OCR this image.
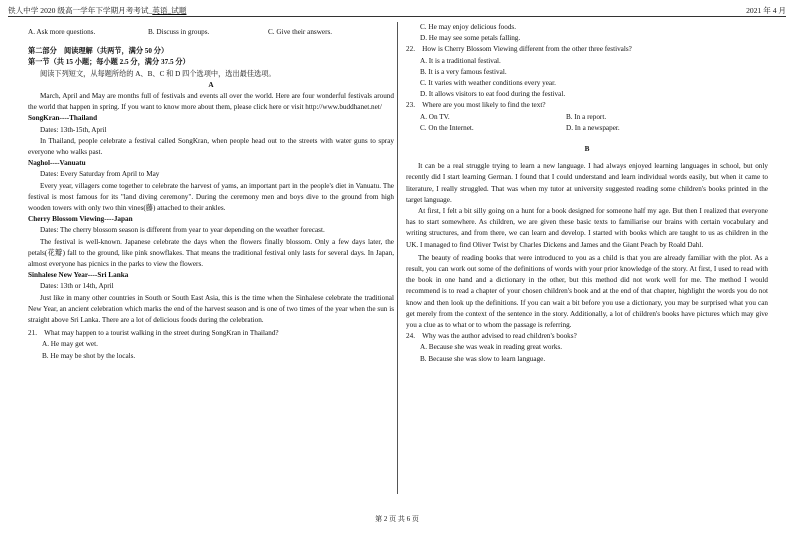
铁人中学 2020 级高一学年下学期月考考试_英语_试题	2021 年 4 月
A. Ask more questions.	B. Discuss in groups.	C. Give their answers.
第二部分　阅读理解（共两节，满分 50 分）
第一节（共 15 小题；每小题 2.5 分，满分 37.5 分）
阅读下列短文，从每题所给的 A、B、C 和 D 四个选项中，选出最佳选项。
A
March, April and May are months full of festivals and events all over the world. Here are four wonderful festivals around the world that happen in spring. If you want to know more about them, please click here or visit http://www.buddhanet.net/
SongKran----Thailand
Dates: 13th-15th, April
In Thailand, people celebrate a festival called SongKran, when people head out to the streets with water guns to spray everyone who walks past.
Naghol----Vanuatu
Dates: Every Saturday from April to May
Every year, villagers come together to celebrate the harvest of yams, an important part in the people's diet in Vanuatu. The festival is most famous for its "land diving ceremony". During the ceremony men and boys dive to the ground from high wooden towers with only two thin vines(藤) attached to their ankles.
Cherry Blossom Viewing----Japan
Dates: The cherry blossom season is different from year to year depending on the weather forecast.
The festival is well-known. Japanese celebrate the days when the flowers finally blossom. Only a few days later, the petals(花瓣) fall to the ground, like pink snowflakes. That means the traditional festival only lasts for several days. In Japan, almost everyone has picnics in the parks to view the flowers.
Sinhalese New Year----Sri Lanka
Dates: 13th or 14th, April
Just like in many other countries in South or South East Asia, this is the time when the Sinhalese celebrate the traditional New Year, an ancient celebration which marks the end of the harvest season and is one of two times of the year when the sun is straight above Sri Lanka. There are a lot of delicious foods during the celebration.
21.　What may happen to a tourist walking in the street during SongKran in Thailand?
A. He may get wet.
B. He may be shot by the locals.
C. He may enjoy delicious foods.
D. He may see some petals falling.
22.　How is Cherry Blossom Viewing different from the other three festivals?
A. It is a traditional festival.
B. It is a very famous festival.
C. It varies with weather conditions every year.
D. It allows visitors to eat food during the festival.
23.　Where are you most likely to find the text?
A. On TV.	B. In a report.
C. On the Internet.	D. In a newspaper.
B
It can be a real struggle trying to learn a new language. I had always enjoyed learning languages in school, but only recently did I start learning German. I found that I could understand and learn individual words easily, but when it came to literature, I really struggled. That was when my tutor at university suggested reading some children's books printed in the target language.
At first, I felt a bit silly going on a hunt for a book designed for someone half my age. But then I realized that everyone has to start somewhere. As children, we are given these basic texts to familiarise our brains with certain vocabulary and writing structures, and from there, we can learn and develop. I started with books which are taught to us as children in the UK. I managed to find Oliver Twist by Charles Dickens and James and the Giant Peach by Roald Dahl.
The beauty of reading books that were introduced to you as a child is that you are already familiar with the plot. As a result, you can work out some of the definitions of words with your prior knowledge of the story. At first, I used to read with the book in one hand and a dictionary in the other, but this method did not work well for me. The method I would recommend is to read a chapter of your chosen children's book and at the end of that chapter, highlight the words you do not know and then look up the definitions. If you can wait a bit before you use a dictionary, you may be surprised what you can get merely from the context of the sentence in the story. Additionally, a lot of children's books have pictures which may give you a clue as to what or to whom the passage is referring.
24.　Why was the author advised to read children's books?
A. Because she was weak in reading great works.
B. Because she was slow to learn language.
第 2 页 共 6 页
